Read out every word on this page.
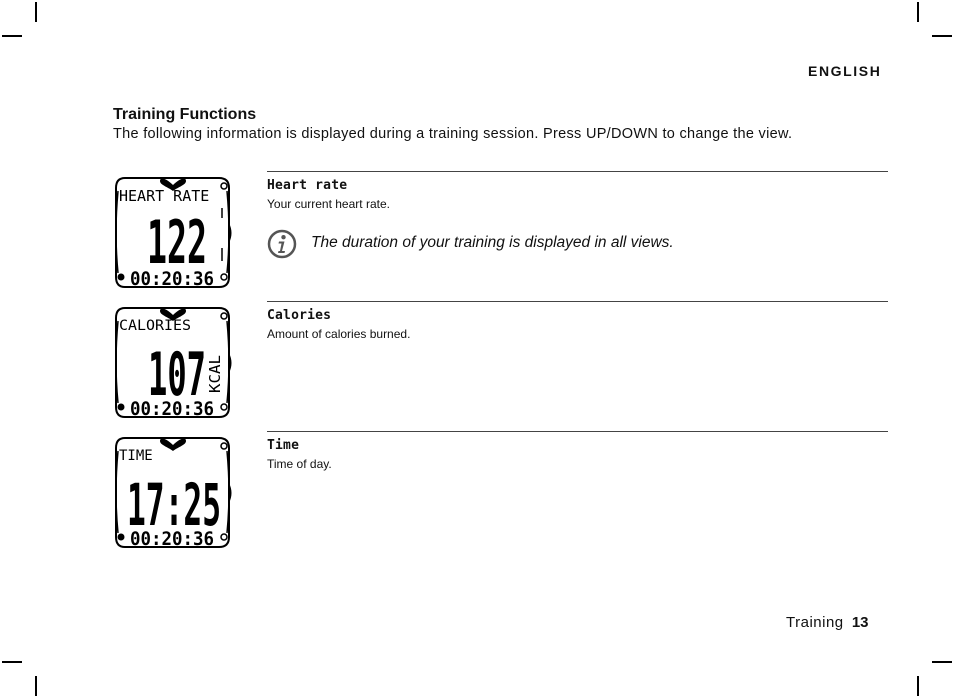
ENGLISH
Training Functions
The following information is displayed during a training session. Press UP/DOWN to change the view.
HEART RATE
122
00:20:36
Heart rate
Your current heart rate.
The duration of your training is displayed in all views.
CALORIES
107 KCAL
00:20:36
Calories
Amount of calories burned.
TIME
17:25
00:20:36
Time
Time of day.
Training 13
